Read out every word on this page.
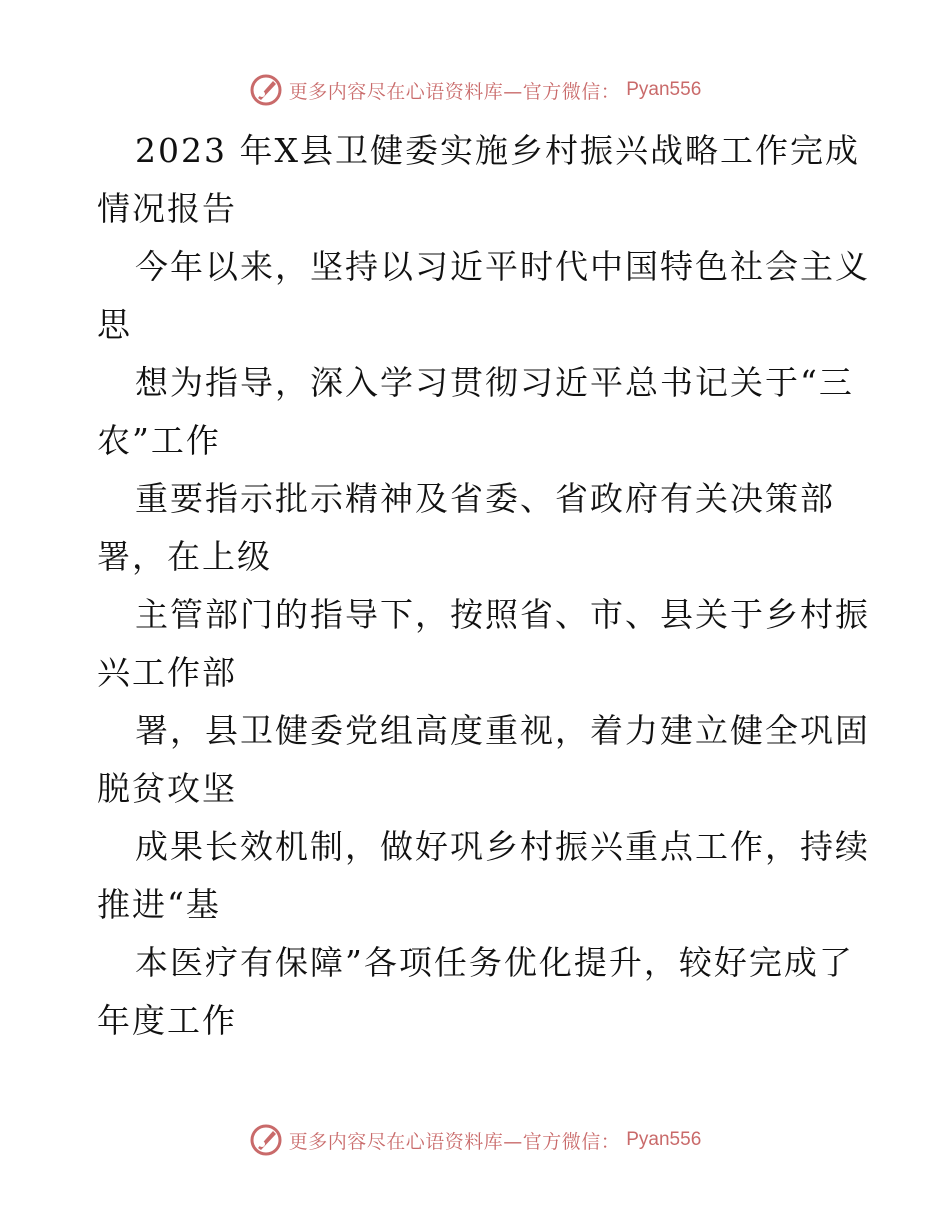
更多内容尽在心语资料库—官方微信： Pyan556
2023 年X县卫健委实施乡村振兴战略工作完成
情况报告
今年以来，坚持以习近平时代中国特色社会主义
思
想为指导，深入学习贯彻习近平总书记关于“三
农”工作
重要指示批示精神及省委、省政府有关决策部
署，在上级
主管部门的指导下，按照省、市、县关于乡村振
兴工作部
署，县卫健委党组高度重视，着力建立健全巩固
脱贫攻坚
成果长效机制，做好巩乡村振兴重点工作，持续
推进“基
本医疗有保障”各项任务优化提升，较好完成了
年度工作
更多内容尽在心语资料库—官方微信： Pyan556
